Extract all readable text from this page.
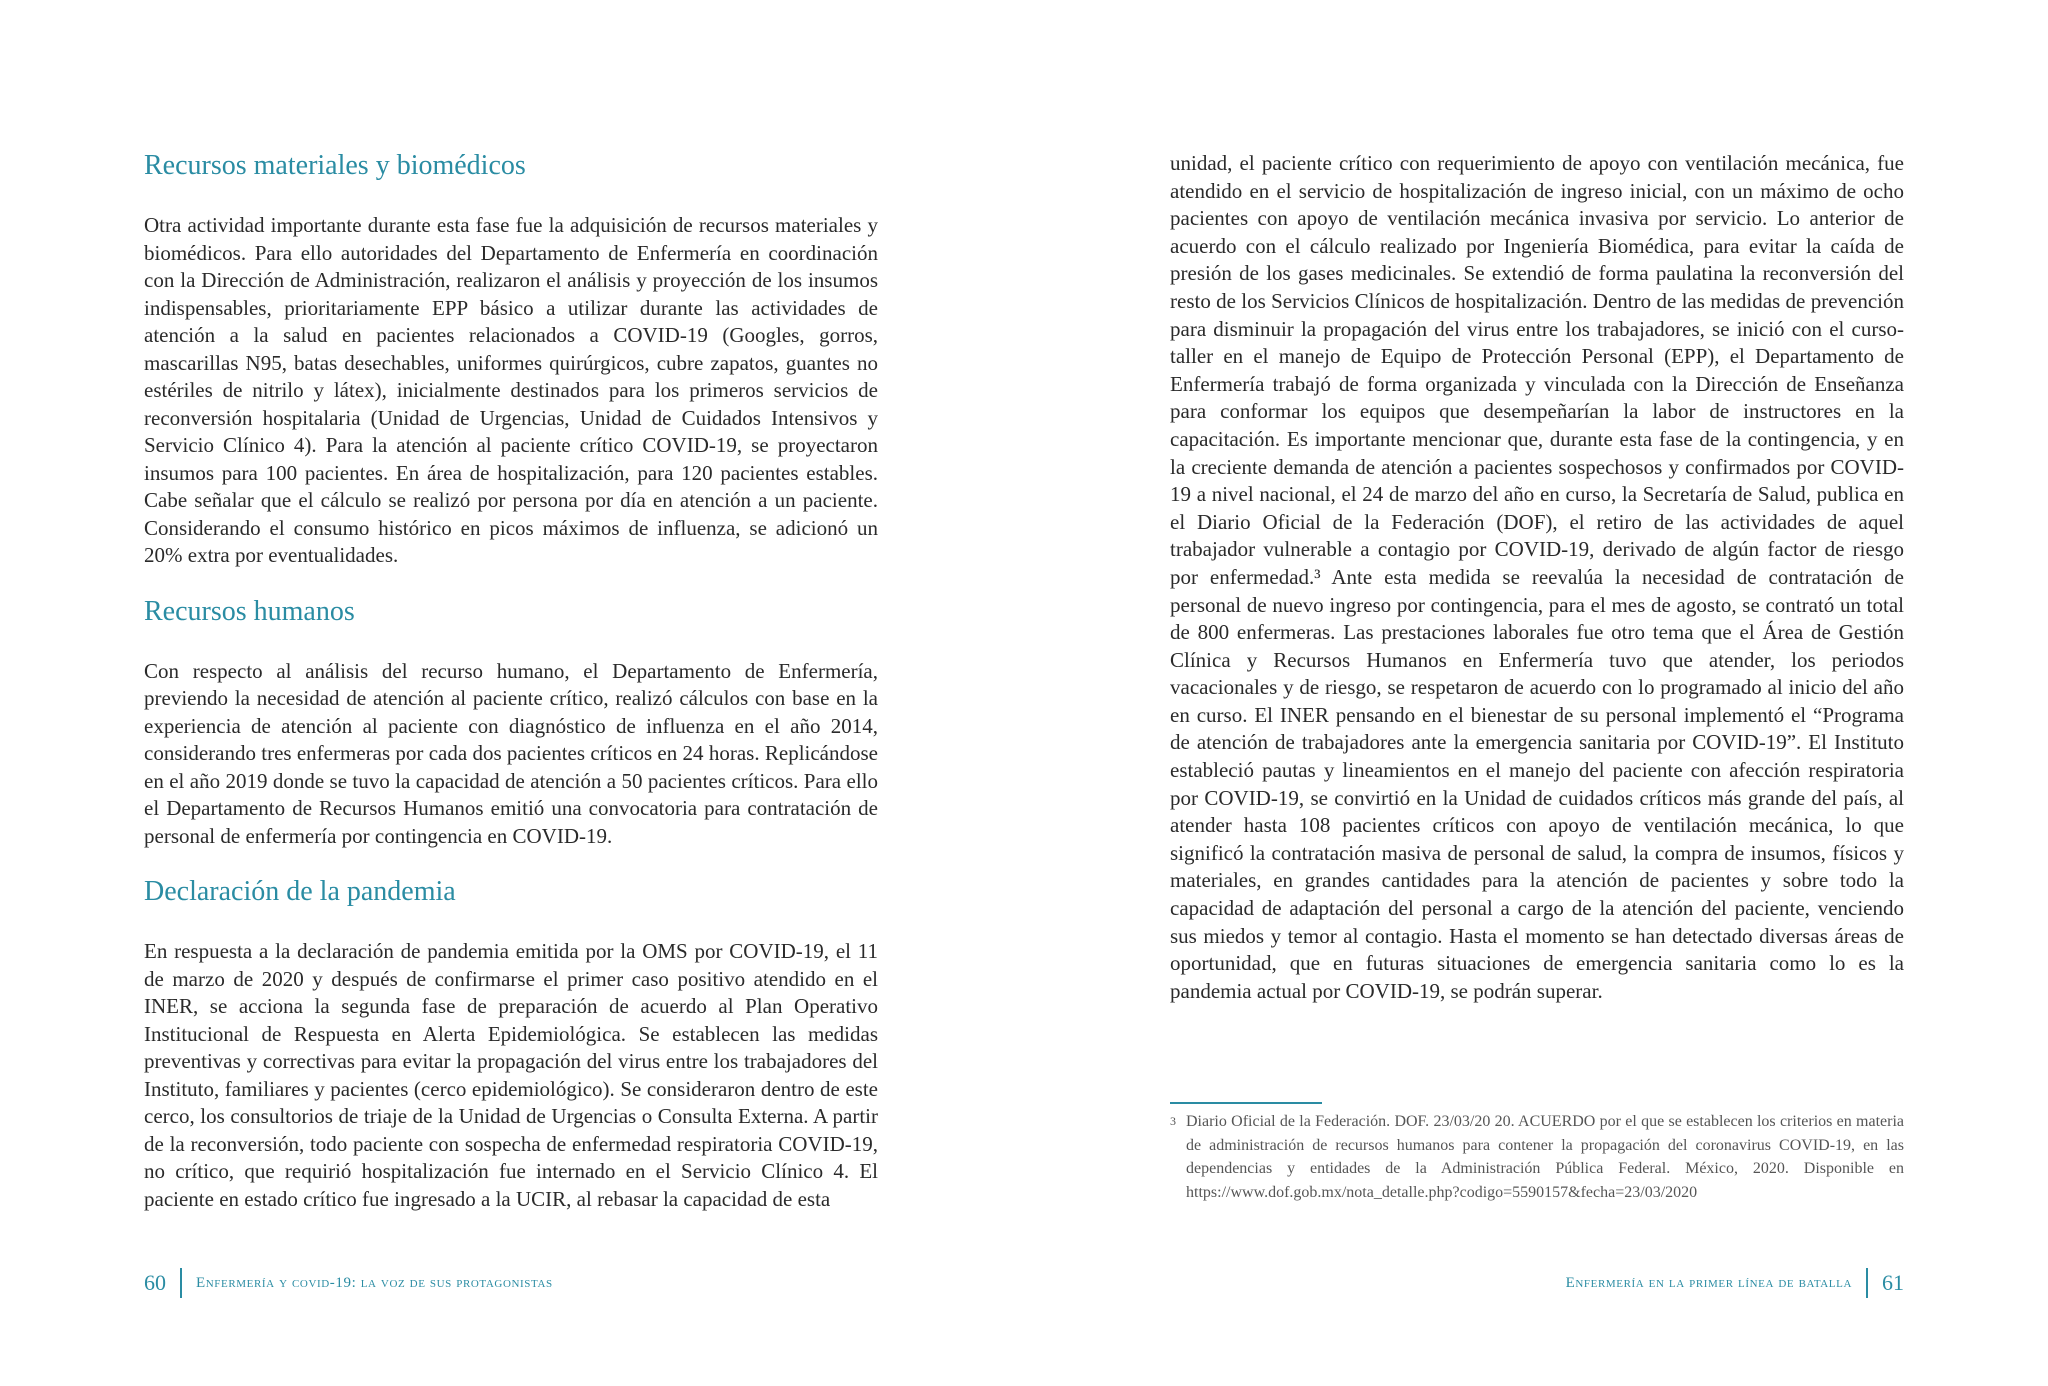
Recursos materiales y biomédicos

Otra actividad importante durante esta fase fue la adquisición de recursos materiales y biomédicos. Para ello autoridades del Departamento de Enfermería en coordinación con la Dirección de Administración, realizaron el análisis y proyección de los insumos indispensables, prioritariamente EPP básico a utilizar durante las actividades de atención a la salud en pacientes relacionados a COVID-19 (Googles, gorros, mascarillas N95, batas desechables, uniformes quirúrgicos, cubre zapatos, guantes no estériles de nitrilo y látex), inicialmente destinados para los primeros servicios de reconversión hospitalaria (Unidad de Urgencias, Unidad de Cuidados Intensivos y Servicio Clínico 4). Para la atención al paciente crítico COVID-19, se proyectaron insumos para 100 pacientes. En área de hospitalización, para 120 pacientes estables. Cabe señalar que el cálculo se realizó por persona por día en atención a un paciente. Considerando el consumo histórico en picos máximos de influenza, se adicionó un 20% extra por eventualidades.

Recursos humanos

Con respecto al análisis del recurso humano, el Departamento de Enfermería, previendo la necesidad de atención al paciente crítico, realizó cálculos con base en la experiencia de atención al paciente con diagnóstico de influenza en el año 2014, considerando tres enfermeras por cada dos pacientes críticos en 24 horas. Replicándose en el año 2019 donde se tuvo la capacidad de atención a 50 pacientes críticos. Para ello el Departamento de Recursos Humanos emitió una convocatoria para contratación de personal de enfermería por contingencia en COVID-19.

Declaración de la pandemia

En respuesta a la declaración de pandemia emitida por la OMS por COVID-19, el 11 de marzo de 2020 y después de confirmarse el primer caso positivo atendido en el INER, se acciona la segunda fase de preparación de acuerdo al Plan Operativo Institucional de Respuesta en Alerta Epidemiológica. Se establecen las medidas preventivas y correctivas para evitar la propagación del virus entre los trabajadores del Instituto, familiares y pacientes (cerco epidemiológico). Se consideraron dentro de este cerco, los consultorios de triaje de la Unidad de Urgencias o Consulta Externa. A partir de la reconversión, todo paciente con sospecha de enfermedad respiratoria COVID-19, no crítico, que requirió hospitalización fue internado en el Servicio Clínico 4. El paciente en estado crítico fue ingresado a la UCIR, al rebasar la capacidad de esta

60 Enfermería y covid-19: la voz de sus protagonistas

unidad, el paciente crítico con requerimiento de apoyo con ventilación mecánica, fue atendido en el servicio de hospitalización de ingreso inicial, con un máximo de ocho pacientes con apoyo de ventilación mecánica invasiva por servicio. Lo anterior de acuerdo con el cálculo realizado por Ingeniería Biomédica, para evitar la caída de presión de los gases medicinales. Se extendió de forma paulatina la reconversión del resto de los Servicios Clínicos de hospitalización. Dentro de las medidas de prevención para disminuir la propagación del virus entre los trabajadores, se inició con el curso-taller en el manejo de Equipo de Protección Personal (EPP), el Departamento de Enfermería trabajó de forma organizada y vinculada con la Dirección de Enseñanza para conformar los equipos que desempeñarían la labor de instructores en la capacitación. Es importante mencionar que, durante esta fase de la contingencia, y en la creciente demanda de atención a pacientes sospechosos y confirmados por COVID-19 a nivel nacional, el 24 de marzo del año en curso, la Secretaría de Salud, publica en el Diario Oficial de la Federación (DOF), el retiro de las actividades de aquel trabajador vulnerable a contagio por COVID-19, derivado de algún factor de riesgo por enfermedad.³ Ante esta medida se reevalúa la necesidad de contratación de personal de nuevo ingreso por contingencia, para el mes de agosto, se contrató un total de 800 enfermeras. Las prestaciones laborales fue otro tema que el Área de Gestión Clínica y Recursos Humanos en Enfermería tuvo que atender, los periodos vacacionales y de riesgo, se respetaron de acuerdo con lo programado al inicio del año en curso. El INER pensando en el bienestar de su personal implementó el “Programa de atención de trabajadores ante la emergencia sanitaria por COVID-19”. El Instituto estableció pautas y lineamientos en el manejo del paciente con afección respiratoria por COVID-19, se convirtió en la Unidad de cuidados críticos más grande del país, al atender hasta 108 pacientes críticos con apoyo de ventilación mecánica, lo que significó la contratación masiva de personal de salud, la compra de insumos, físicos y materiales, en grandes cantidades para la atención de pacientes y sobre todo la capacidad de adaptación del personal a cargo de la atención del paciente, venciendo sus miedos y temor al contagio. Hasta el momento se han detectado diversas áreas de oportunidad, que en futuras situaciones de emergencia sanitaria como lo es la pandemia actual por COVID-19, se podrán superar.

$^3$ Diario Oficial de la Federación. DOF. 23/03/20 20. ACUERDO por el que se establecen los criterios en materia de administración de recursos humanos para contener la propagación del coronavirus COVID-19, en las dependencias y entidades de la Administración Pública Federal. México, 2020. Disponible en https://www.dof.gob.mx/nota_detalle.php?codigo=5590157&fecha=23/03/2020
Enfermería en la primer línea de batalla 61
